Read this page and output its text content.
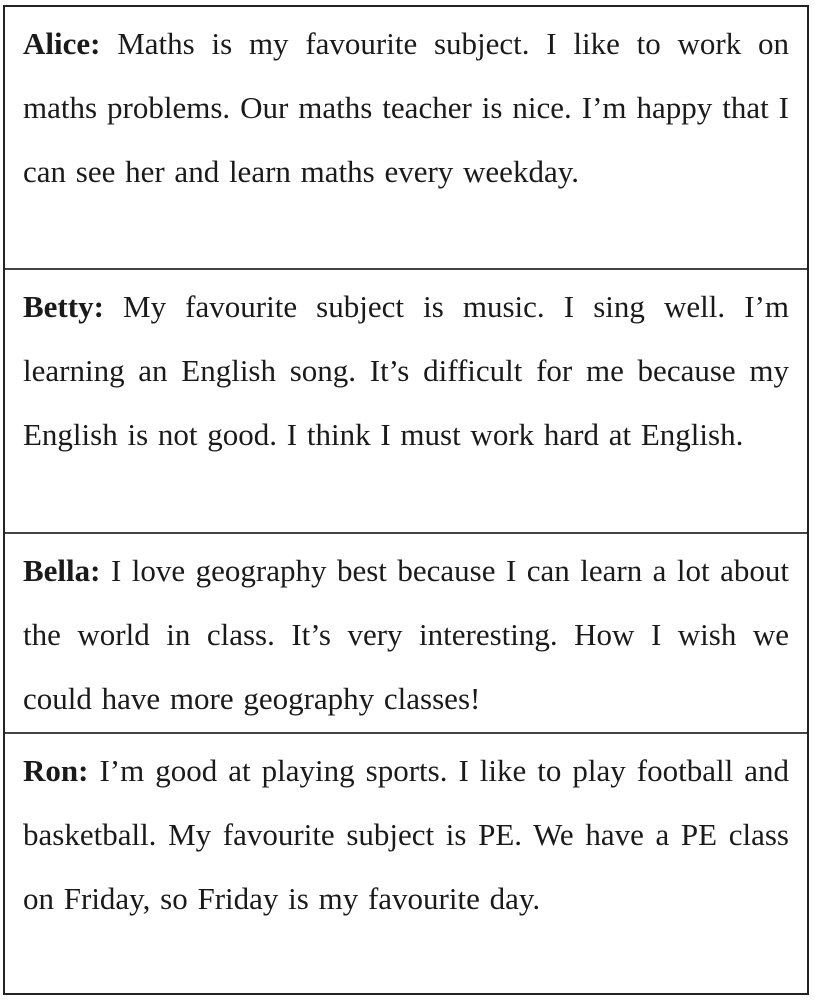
Alice: Maths is my favourite subject. I like to work on maths problems. Our maths teacher is nice. I’m happy that I can see her and learn maths every weekday.
Betty: My favourite subject is music. I sing well. I’m learning an English song. It’s difficult for me because my English is not good. I think I must work hard at English.
Bella: I love geography best because I can learn a lot about the world in class. It’s very interesting. How I wish we could have more geography classes!
Ron: I’m good at playing sports. I like to play football and basketball. My favourite subject is PE. We have a PE class on Friday, so Friday is my favourite day.
